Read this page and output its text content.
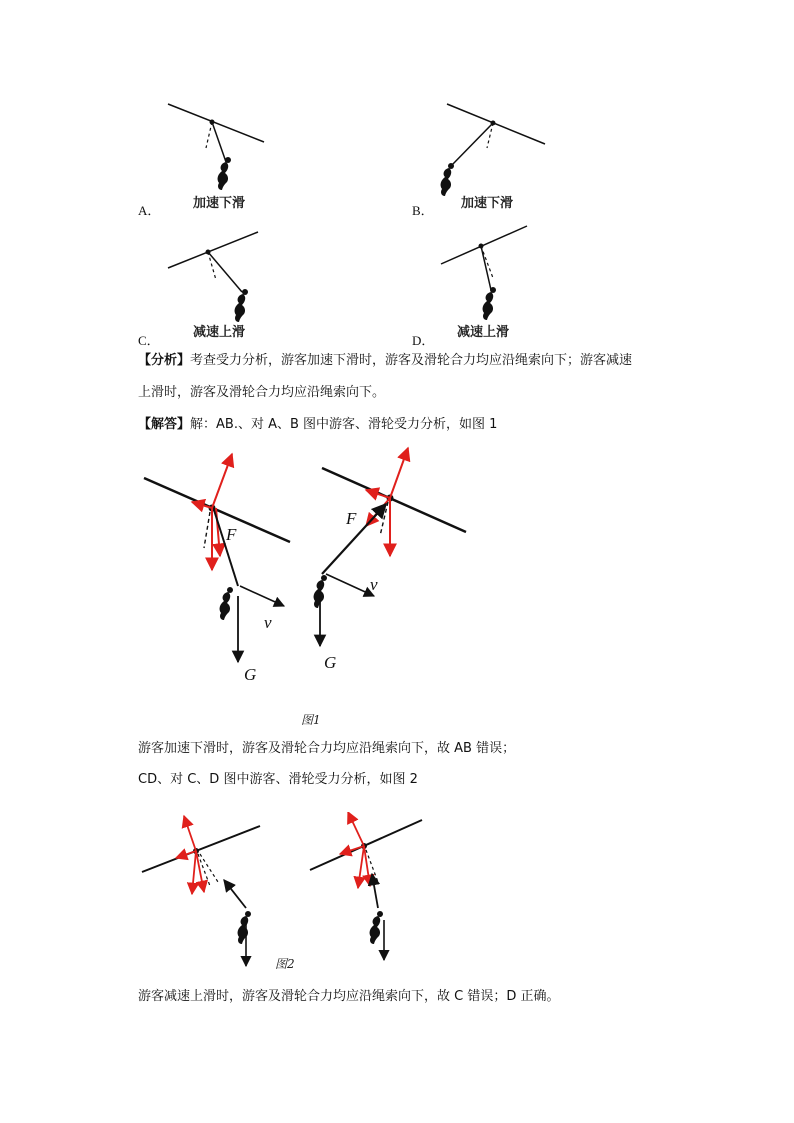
A．	加速下滑	B． 加速下滑
C．
减速上滑
D．
减速上滑
【分析】考查受力分析，游客加速下滑时，游客及滑轮合力均应沿绳索向下；游客减速
上滑时，游客及滑轮合力均应沿绳索向下。
【解答】解：AB.、对 A、B 图中游客、滑轮受力分析，如图 1
F
v
G
F
v
G
图1
游客加速下滑时，游客及滑轮合力均应沿绳索向下，故 AB 错误；
CD、对 C、D 图中游客、滑轮受力分析，如图 2
图2
游客减速上滑时，游客及滑轮合力均应沿绳索向下，故 C 错误；D 正确。
